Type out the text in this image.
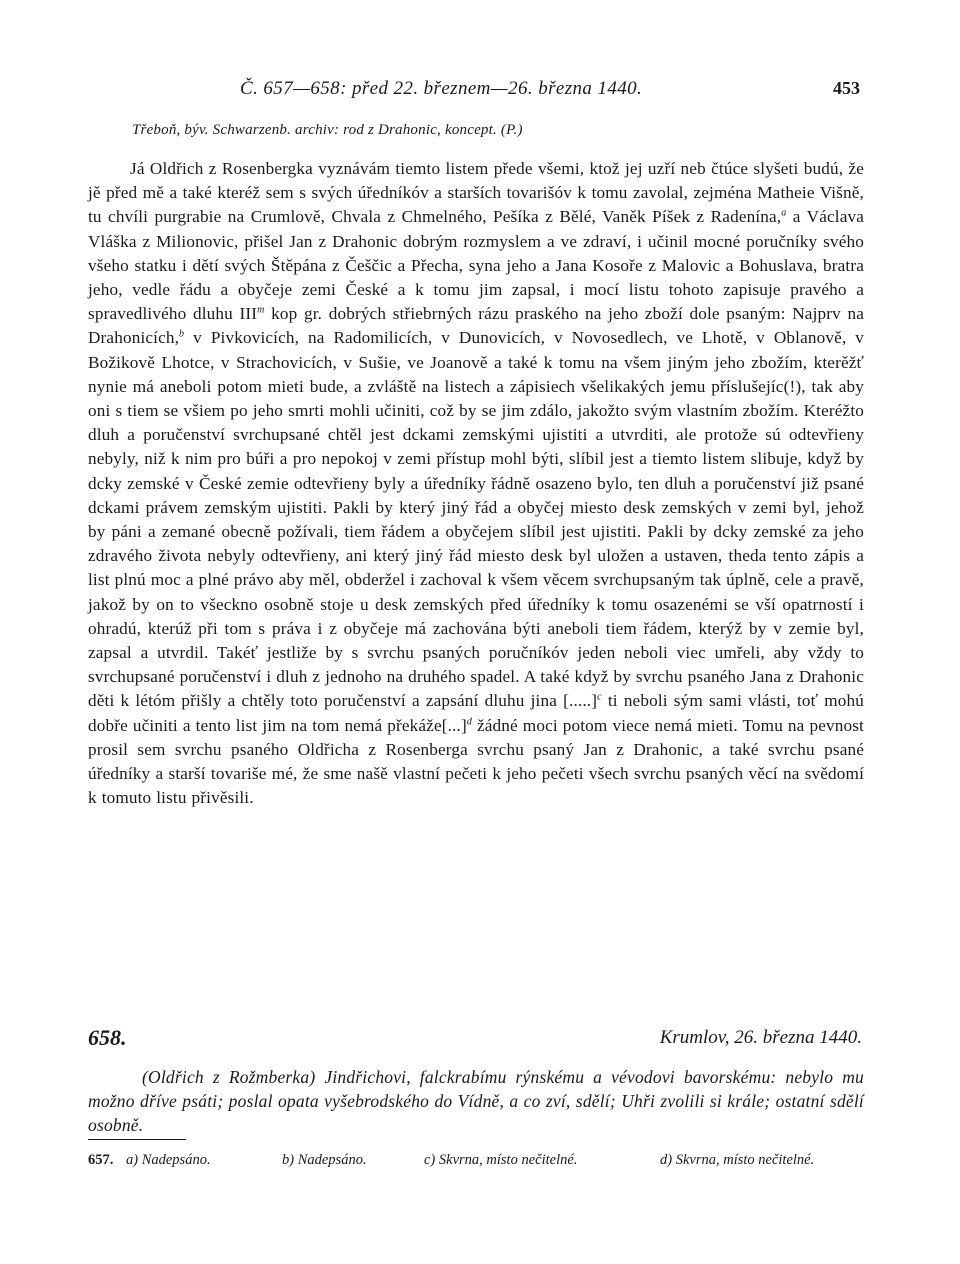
Č. 657—658: před 22. březnem—26. března 1440.	453
Třeboň, býv. Schwarzenb. archiv: rod z Drahonic, koncept. (P.)

Já Oldřich z Rosenbergka vyznávám tiemto listem přede všemi, ktož jej uzří neb čtúce slyšeti budú, že jě před mě a také kteréž sem s svých úředníkóv a starších tovarišóv k tomu zavolal, zejména Matheie Višně, tu chvíli purgrabie na Crumlově, Chvala z Chmelného, Pešíka z Bělé, Vaněk Píšek z Radenína,$^a$ a Václava Vláška z Milionovic, přišel Jan z Drahonic dobrým rozmyslem a ve zdraví, i učinil mocné poručníky svého všeho statku i dětí svých Štěpána z Češčic a Přecha, syna jeho a Jana Kosoře z Malovic a Bohuslava, bratra jeho, vedle řádu a obyčeje zemi České a k tomu jim zapsal, i mocí listu tohoto zapisuje pravého a spravedlivého dluhu III$^m$ kop gr. dobrých střiebrných rázu praského na jeho zboží dole psaným: Najprv na Drahonicích,$^b$ v Pivkovicích, na Radomilicích, v Dunovicích, v Novosedlech, ve Lhotě, v Oblanově, v Božikově Lhotce, v Strachovicích, v Sušie, ve Joanově a také k tomu na všem jiným jeho zbožím, kterěžť nynie má aneboli potom mieti bude, a zvláště na listech a zápisiech všelikakých jemu příslušejíc(!), tak aby oni s tiem se všiem po jeho smrti mohli učiniti, což by se jim zdálo, jakožto svým vlastním zbožím. Kteréžto dluh a poručenství svrchupsané chtěl jest dckami zemskými ujistiti a utvrditi, ale protože sú odtevřieny nebyly, niž k nim pro búři a pro nepokoj v zemi přístup mohl býti, slíbil jest a tiemto listem slibuje, když by dcky zemské v České zemie odtevřieny byly a úředníky řádně osazeno bylo, ten dluh a poručenství již psané dckami právem zemským ujistiti. Pakli by který jiný řád a obyčej miesto desk zemských v zemi byl, jehož by páni a zemané obecně požívali, tiem řádem a obyčejem slíbil jest ujistiti. Pakli by dcky zemské za jeho zdravého života nebyly odtevřieny, ani který jiný řád miesto desk byl uložen a ustaven, theda tento zápis a list plnú moc a plné právo aby měl, obderžel i zachoval k všem věcem svrchupsaným tak úplně, cele a pravě, jakož by on to všeckno osobně stoje u desk zemských před úředníky k tomu osazenémi se vší opatrností i ohradú, kterúž při tom s práva i z obyčeje má zachována býti aneboli tiem řádem, kterýž by v zemie byl, zapsal a utvrdil. Takéť jestliže by s svrchu psaných poručníkóv jeden neboli viec umřeli, aby vždy to svrchupsané poručenství i dluh z jednoho na druhého spadel. A také když by svrchu psaného Jana z Drahonic děti k létóm přišly a chtěly toto poručenství a zapsání dluhu jina [.....]$^c$ ti neboli sým sami vlásti, toť mohú dobře učiniti a tento list jim na tom nemá překáže[...]$^d$ žádné moci potom viece nemá mieti. Tomu na pevnost prosil sem svrchu psaného Oldřicha z Rosenberga svrchu psaný Jan z Drahonic, a také svrchu psané úředníky a starší tovariše mé, že sme našě vlastní pečeti k jeho pečeti všech svrchu psaných věcí na svědomí k tomuto listu přivěsili.

658.	Krumlov, 26. března 1440.

(Oldřich z Rožmberka) Jindřichovi, falckrabímu rýnskému a vévodovi bavorskému: nebylo mu možno dříve psáti; poslal opata vyšebrodského do Vídně, a co zví, sdělí; Uhři zvolili si krále; ostatní sdělí osobně.

657. a) Nadepsáno.	b) Nadepsáno.	c) Skvrna, místo nečitelné.	d) Skvrna, místo nečitelné.
